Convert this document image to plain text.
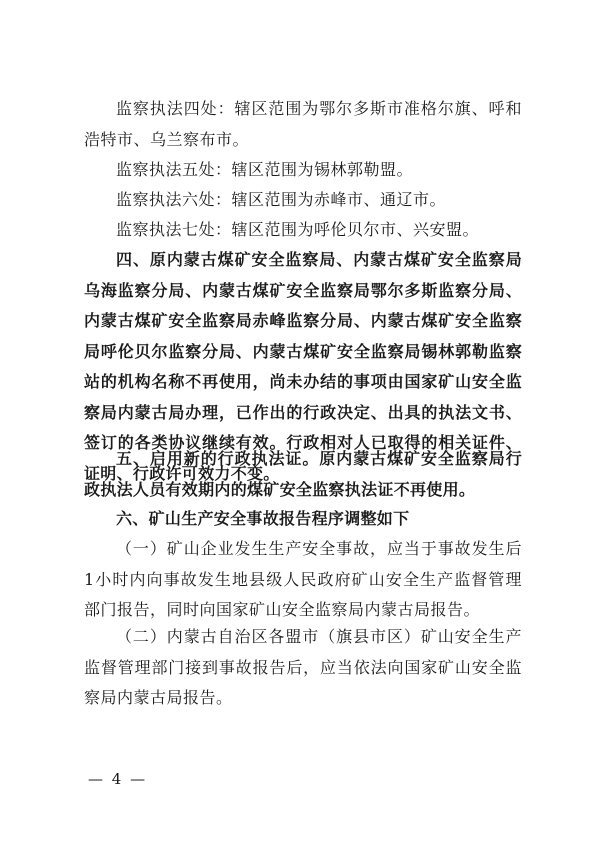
监察执法四处：辖区范围为鄂尔多斯市准格尔旗、呼和浩特市、乌兰察布市。

监察执法五处：辖区范围为锡林郭勒盟。

监察执法六处：辖区范围为赤峰市、通辽市。

监察执法七处：辖区范围为呼伦贝尔市、兴安盟。

四、原内蒙古煤矿安全监察局、内蒙古煤矿安全监察局乌海监察分局、内蒙古煤矿安全监察局鄂尔多斯监察分局、内蒙古煤矿安全监察局赤峰监察分局、内蒙古煤矿安全监察局呼伦贝尔监察分局、内蒙古煤矿安全监察局锡林郭勒监察站的机构名称不再使用，尚未办结的事项由国家矿山安全监察局内蒙古局办理，已作出的行政决定、出具的执法文书、签订的各类协议继续有效。行政相对人已取得的相关证件、证明、行政许可效力不变。

五、启用新的行政执法证。原内蒙古煤矿安全监察局行政执法人员有效期内的煤矿安全监察执法证不再使用。

六、矿山生产安全事故报告程序调整如下

（一）矿山企业发生生产安全事故，应当于事故发生后1小时内向事故发生地县级人民政府矿山安全生产监督管理部门报告，同时向国家矿山安全监察局内蒙古局报告。

（二）内蒙古自治区各盟市（旗县市区）矿山安全生产监督管理部门接到事故报告后，应当依法向国家矿山安全监察局内蒙古局报告。

— 4 —
